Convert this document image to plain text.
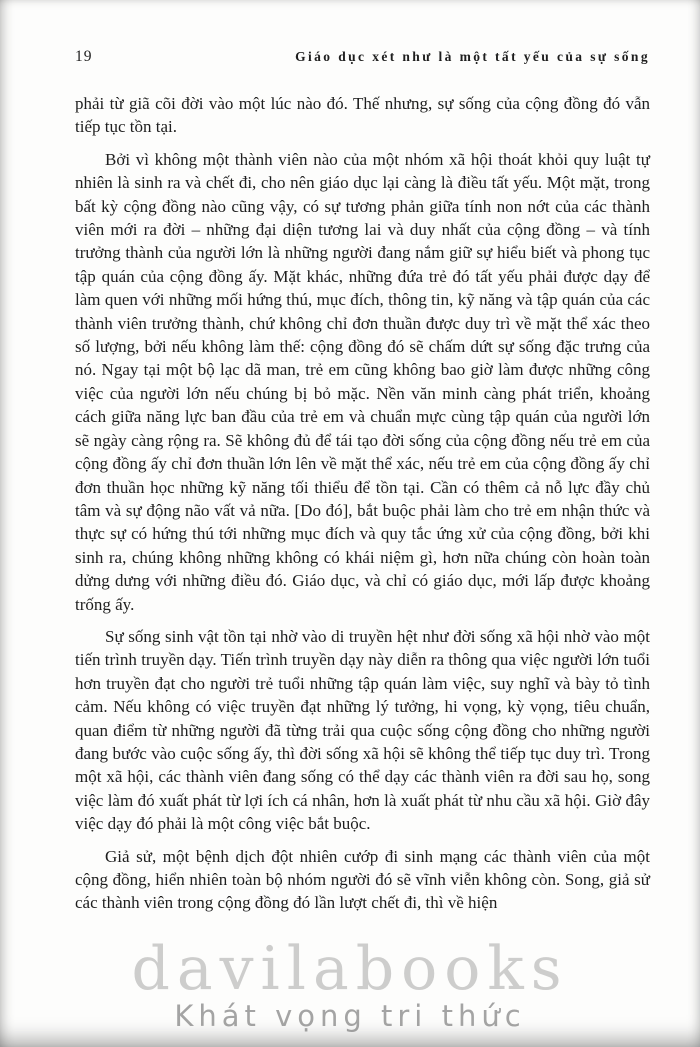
19	Giáo dục xét như là một tất yếu của sự sống

phải từ giã cõi đời vào một lúc nào đó. Thế nhưng, sự sống của cộng đồng đó vẫn tiếp tục tồn tại.

Bởi vì không một thành viên nào của một nhóm xã hội thoát khỏi quy luật tự nhiên là sinh ra và chết đi, cho nên giáo dục lại càng là điều tất yếu. Một mặt, trong bất kỳ cộng đồng nào cũng vậy, có sự tương phản giữa tính non nớt của các thành viên mới ra đời – những đại diện tương lai và duy nhất của cộng đồng – và tính trưởng thành của người lớn là những người đang nắm giữ sự hiểu biết và phong tục tập quán của cộng đồng ấy. Mặt khác, những đứa trẻ đó tất yếu phải được dạy để làm quen với những mối hứng thú, mục đích, thông tin, kỹ năng và tập quán của các thành viên trưởng thành, chứ không chỉ đơn thuần được duy trì về mặt thể xác theo số lượng, bởi nếu không làm thế: cộng đồng đó sẽ chấm dứt sự sống đặc trưng của nó. Ngay tại một bộ lạc dã man, trẻ em cũng không bao giờ làm được những công việc của người lớn nếu chúng bị bỏ mặc. Nền văn minh càng phát triển, khoảng cách giữa năng lực ban đầu của trẻ em và chuẩn mực cùng tập quán của người lớn sẽ ngày càng rộng ra. Sẽ không đủ để tái tạo đời sống của cộng đồng nếu trẻ em của cộng đồng ấy chỉ đơn thuần lớn lên về mặt thể xác, nếu trẻ em của cộng đồng ấy chỉ đơn thuần học những kỹ năng tối thiểu để tồn tại. Cần có thêm cả nỗ lực đầy chủ tâm và sự động não vất vả nữa. [Do đó], bắt buộc phải làm cho trẻ em nhận thức và thực sự có hứng thú tới những mục đích và quy tắc ứng xử của cộng đồng, bởi khi sinh ra, chúng không những không có khái niệm gì, hơn nữa chúng còn hoàn toàn dửng dưng với những điều đó. Giáo dục, và chỉ có giáo dục, mới lấp được khoảng trống ấy.

Sự sống sinh vật tồn tại nhờ vào di truyền hệt như đời sống xã hội nhờ vào một tiến trình truyền dạy. Tiến trình truyền dạy này diễn ra thông qua việc người lớn tuổi hơn truyền đạt cho người trẻ tuổi những tập quán làm việc, suy nghĩ và bày tỏ tình cảm. Nếu không có việc truyền đạt những lý tưởng, hi vọng, kỳ vọng, tiêu chuẩn, quan điểm từ những người đã từng trải qua cuộc sống cộng đồng cho những người đang bước vào cuộc sống ấy, thì đời sống xã hội sẽ không thể tiếp tục duy trì. Trong một xã hội, các thành viên đang sống có thể dạy các thành viên ra đời sau họ, song việc làm đó xuất phát từ lợi ích cá nhân, hơn là xuất phát từ nhu cầu xã hội. Giờ đây việc dạy đó phải là một công việc bắt buộc.

Giả sử, một bệnh dịch đột nhiên cướp đi sinh mạng các thành viên của một cộng đồng, hiển nhiên toàn bộ nhóm người đó sẽ vĩnh viễn không còn. Song, giả sử các thành viên trong cộng đồng đó lần lượt chết đi, thì về hiện

davilabooks
Khát vọng tri thức
